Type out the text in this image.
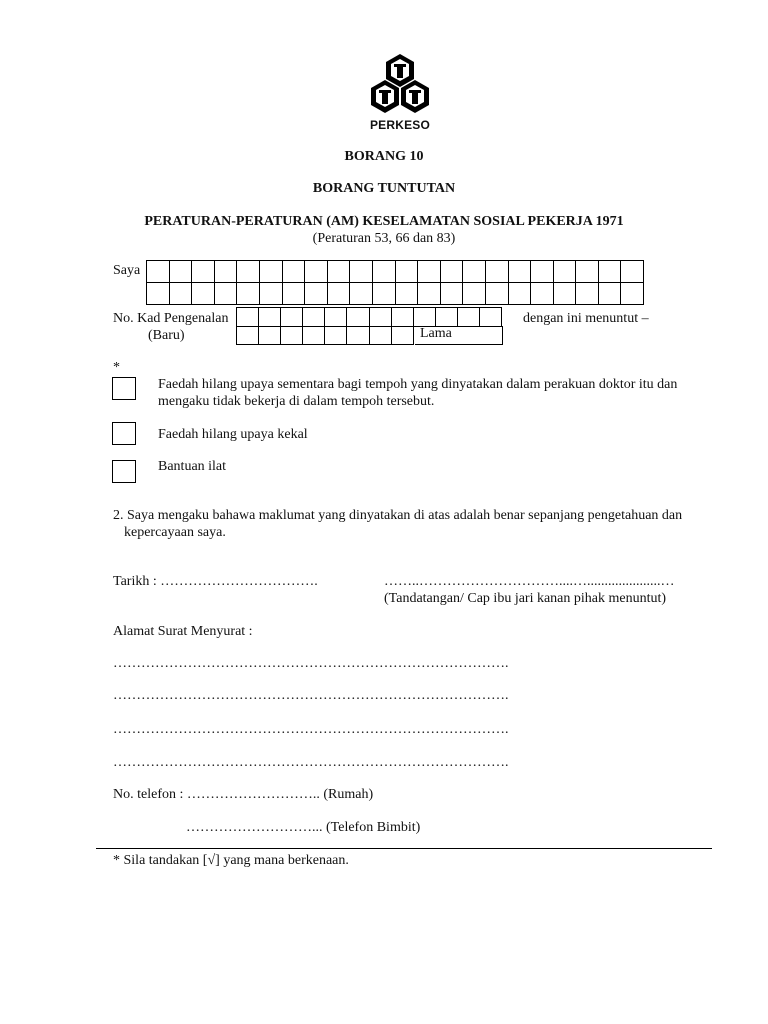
PERKESO
BORANG 10
BORANG TUNTUTAN
PERATURAN-PERATURAN (AM) KESELAMATAN SOSIAL PEKERJA 1971
(Peraturan 53, 66 dan 83)
Saya
No. Kad Pengenalan
(Baru)	Lama
dengan ini menuntut –
*
Faedah hilang upaya sementara bagi tempoh yang dinyatakan dalam perakuan doktor itu dan
mengaku tidak bekerja di dalam tempoh tersebut.
Faedah hilang upaya kekal
Bantuan ilat
2. Saya mengaku bahawa maklumat yang dinyatakan di atas adalah benar sepanjang pengetahuan dan
kepercayaan saya.
Tarikh : …………………………….	……..…………………………....….....................…
(Tandatangan/ Cap ibu jari kanan pihak menuntut)
Alamat Surat Menyurat :
………………………………………………………………………….
………………………………………………………………………….
………………………………………………………………………….
………………………………………………………………………….
No. telefon : ……………………….. (Rumah)
………………………... (Telefon Bimbit)
* Sila tandakan [√] yang mana berkenaan.
